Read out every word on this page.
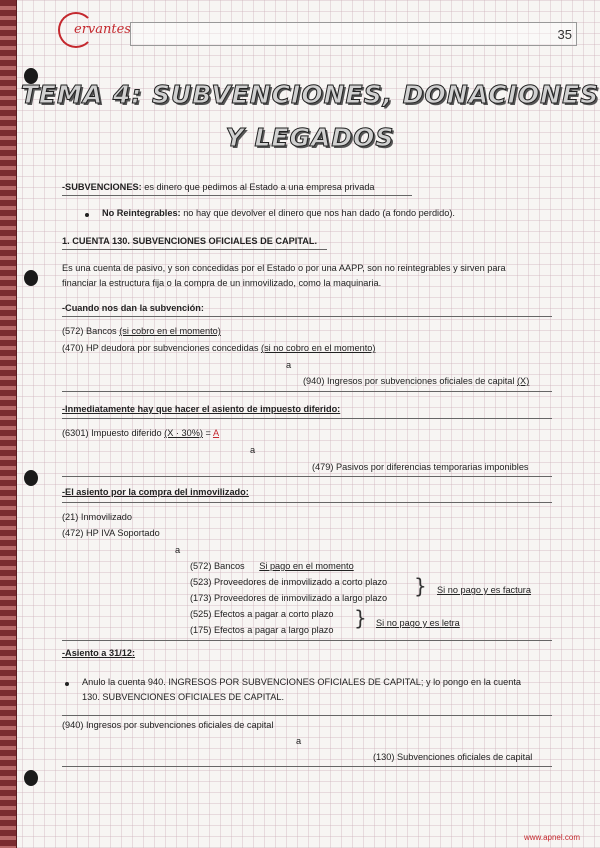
ervantes	35
TEMA 4: SUBVENCIONES, DONACIONES
Y LEGADOS
-SUBVENCIONES: es dinero que pedimos al Estado a una empresa privada
No Reintegrables: no hay que devolver el dinero que nos han dado (a fondo perdido).
1. CUENTA 130. SUBVENCIONES OFICIALES DE CAPITAL.
Es una cuenta de pasivo, y son concedidas por el Estado o por una AAPP, son no reintegrables y sirven para
financiar la estructura fija o la compra de un inmovilizado, como la maquinaria.
-Cuando nos dan la subvención:
(572) Bancos (si cobro en el momento)
(470) HP deudora por subvenciones concedidas (si no cobro en el momento)
a
(940) Ingresos por subvenciones oficiales de capital (X)
-Inmediatamente hay que hacer el asiento de impuesto diferido:
(6301) Impuesto diferido (X · 30%) = A
a
(479) Pasivos por diferencias temporarias imponibles
-El asiento por la compra del inmovilizado:
(21) Inmovilizado
(472) HP IVA Soportado
a
(572) Bancos Si pago en el momento
(523) Proveedores de inmovilizado a corto plazo
(173) Proveedores de inmovilizado a largo plazo } Si no pago y es factura
(525) Efectos a pagar a corto plazo
(175) Efectos a pagar a largo plazo } Si no pago y es letra
-Asiento a 31/12:
Anulo la cuenta 940. INGRESOS POR SUBVENCIONES OFICIALES DE CAPITAL; y lo pongo en la cuenta
130. SUBVENCIONES OFICIALES DE CAPITAL.
(940) Ingresos por subvenciones oficiales de capital
a
(130) Subvenciones oficiales de capital
www.apnel.com
